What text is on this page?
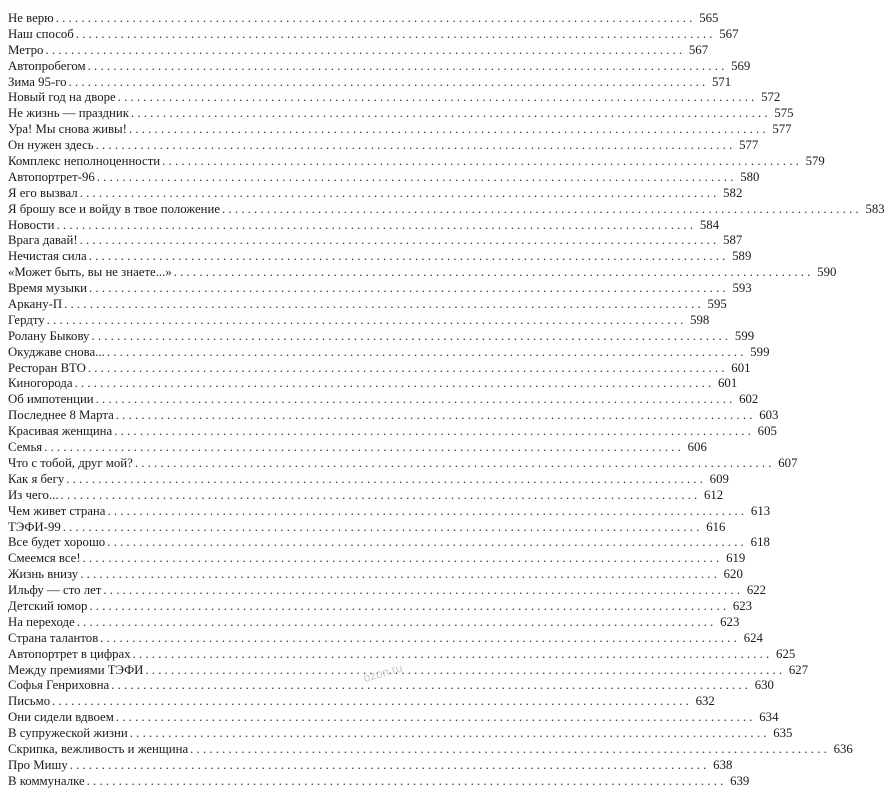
Не верю . . .	565
Наш способ . . .	567
Метро . . .	567
Автопробегом . . .	569
Зима 95-го . . .	571
Новый год на дворе . . .	572
Не жизнь — праздник . . .	575
Ура! Мы снова живы! . . .	577
Он нужен здесь . . .	577
Комплекс неполноценности . . .	579
Автопортрет-96 . . .	580
Я его вызвал . . .	582
Я брошу все и войду в твое положение . . .	583
Новости . . .	584
Врага давай! . . .	587
Нечистая сила . . .	589
«Может быть, вы не знаете...» . . .	590
Время музыки . . .	593
Аркану-П . . .	595
Гердту . . .	598
Ролану Быкову . . .	599
Окуджаве снова... . . .	599
Ресторан ВТО . . .	601
Киногорода . . .	601
Об импотенции . . .	602
Последнее 8 Марта . . .	603
Красивая женщина . . .	605
Семья . . .	606
Что с тобой, друг мой? . . .	607
Как я бегу . . .	609
Из чего... . . .	612
Чем живет страна . . .	613
ТЭФИ-99 . . .	616
Все будет хорошо . . .	618
Смеемся все! . . .	619
Жизнь внизу . . .	620
Ильфу — сто лет . . .	622
Детский юмор . . .	623
На переходе . . .	623
Страна талантов . . .	624
Автопортрет в цифрах . . .	625
Между премиями ТЭФИ . . .	627
Софья Генриховна . . .	630
Письмо . . .	632
Они сидели вдвоем . . .	634
В супружеской жизни . . .	635
Скрипка, вежливость и женщина . . .	636
Про Мишу . . .	638
В коммуналке . . .	639
ozon.ru
